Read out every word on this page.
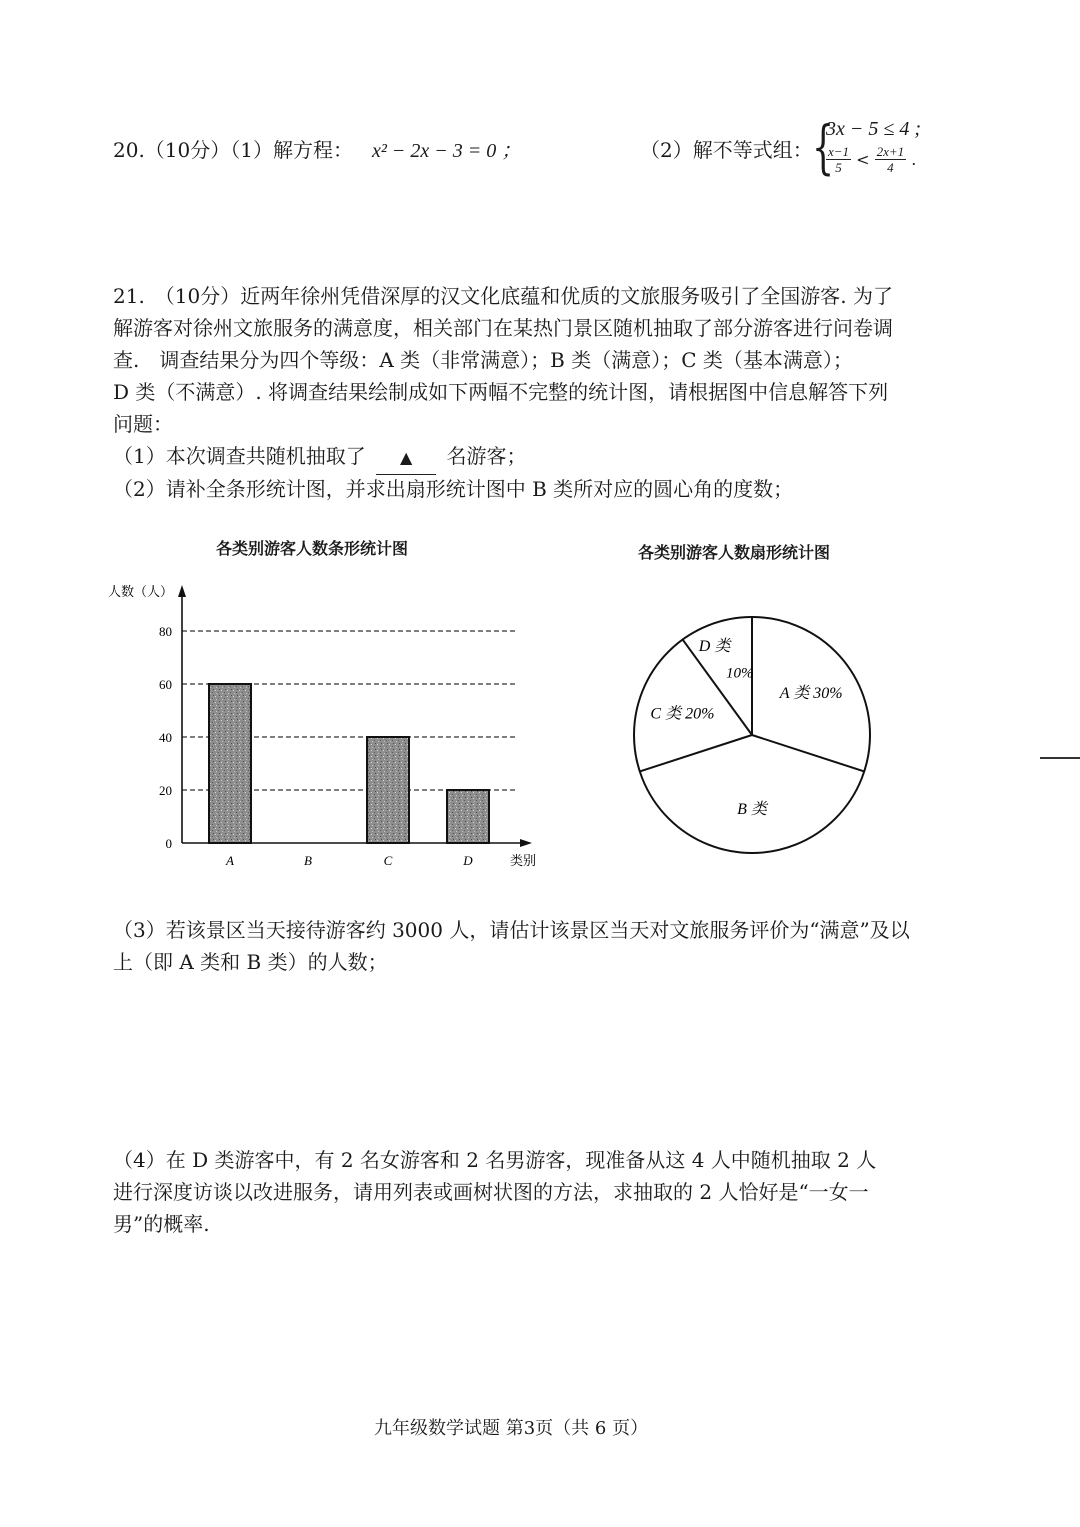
20.（10分）（1）解方程： x² − 2x − 3 = 0 ；	（2）解不等式组： {
3x − 5 ≤ 4 ;
$\frac{x-1}{5} < \frac{2x+1}{4}$ .
21.　（10分）近两年徐州凭借深厚的汉文化底蕴和优质的文旅服务吸引了全国游客. 为了
解游客对徐州文旅服务的满意度，相关部门在某热门景区随机抽取了部分游客进行问卷调
查.　调查结果分为四个等级：A 类（非常满意）；B 类（满意）；C 类（基本满意）；
D 类（不满意）. 将调查结果绘制成如下两幅不完整的统计图，请根据图中信息解答下列
问题：
（1）本次调查共随机抽取了 ▲ 名游客；
（2）请补全条形统计图，并求出扇形统计图中 B 类所对应的圆心角的度数；
各类别游客人数条形统计图	各类别游客人数扇形统计图
0
20
40
60
80
人数（人）
类别
A	B	C	D
A 类 30%
B 类
C 类 20%
D 类
10%
（3）若该景区当天接待游客约 3000 人，请估计该景区当天对文旅服务评价为“满意”及以
上（即 A 类和 B 类）的人数；
（4）在 D 类游客中，有 2 名女游客和 2 名男游客，现准备从这 4 人中随机抽取 2 人
进行深度访谈以改进服务，请用列表或画树状图的方法，求抽取的 2 人恰好是“一女一
男”的概率.
九年级数学试题 第3页（共 6 页）
